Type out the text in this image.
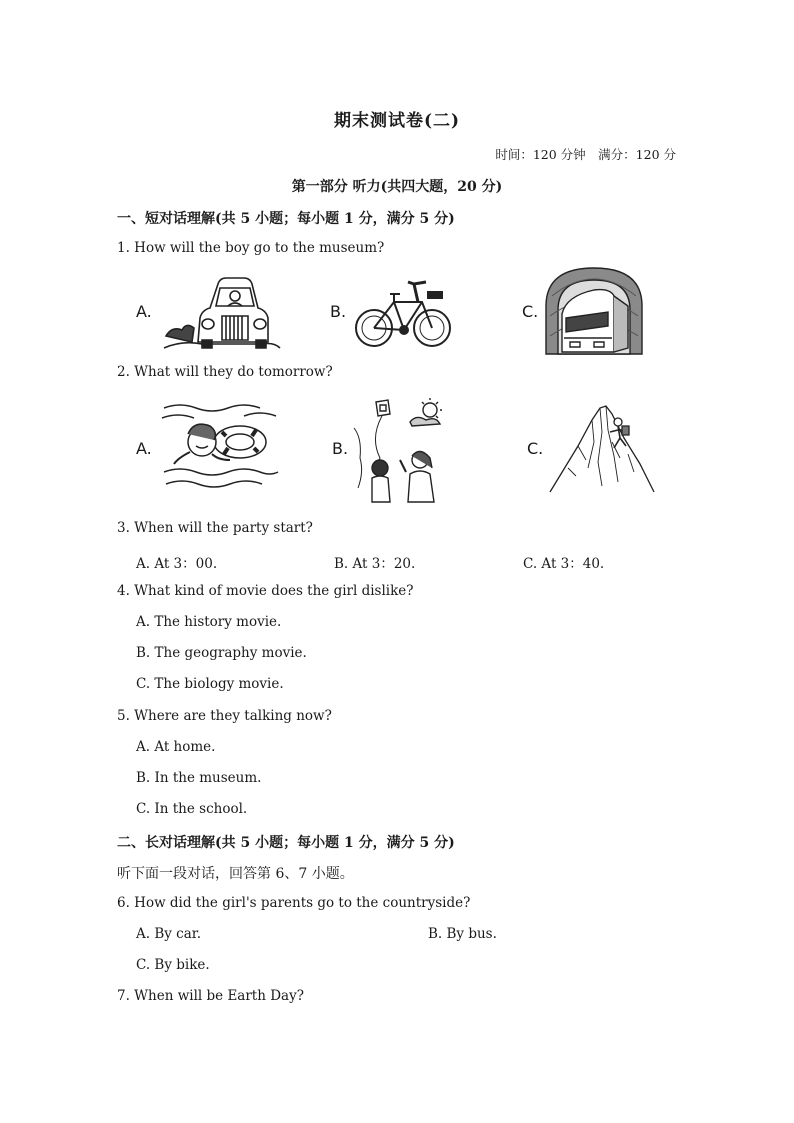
期末测试卷(二)
时间：120 分钟　满分：120 分
第一部分 听力(共四大题，20 分)
一、短对话理解(共 5 小题；每小题 1 分，满分 5 分)
1. How will the boy go to the museum?
A.	B.	C.
2. What will they do tomorrow?
A.	B.	C.
3. When will the party start?
A. At 3：00.	B. At 3：20.	C. At 3：40.
4. What kind of movie does the girl dislike?
A. The history movie.
B. The geography movie.
C. The biology movie.
5. Where are they talking now?
A. At home.
B. In the museum.
C. In the school.
二、长对话理解(共 5 小题；每小题 1 分，满分 5 分)
听下面一段对话，回答第 6、7 小题。
6. How did the girl's parents go to the countryside?
A. By car.	B. By bus.
C. By bike.
7. When will be Earth Day?
